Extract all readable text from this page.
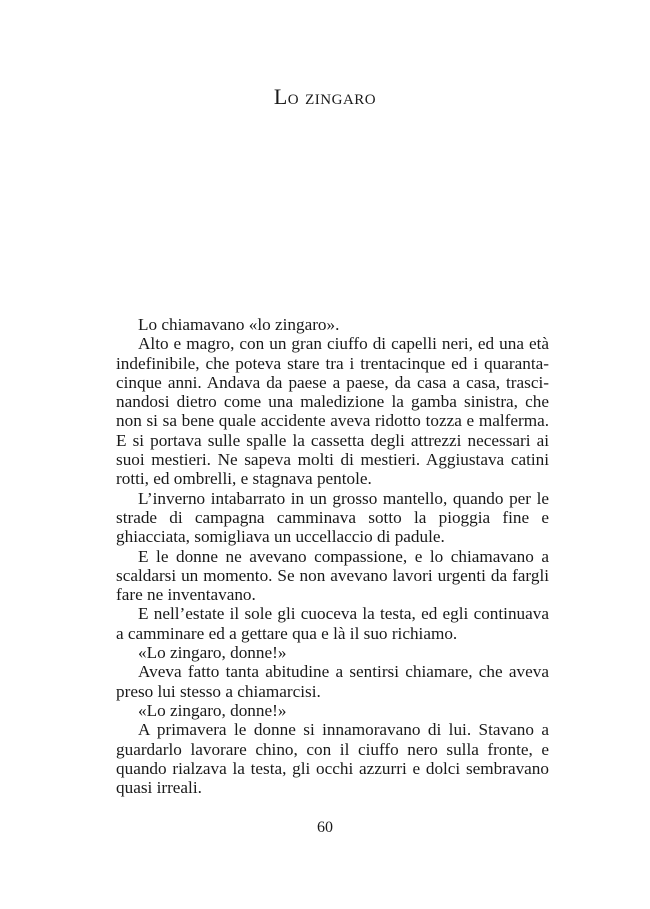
Lo zingaro

Lo chiamavano «lo zingaro».

Alto e magro, con un gran ciuffo di capelli neri, ed una età indefinibile, che poteva stare tra i trentacinque ed i quarantacinque anni. Andava da paese a paese, da casa a casa, trascinandosi dietro come una maledizione la gamba sinistra, che non si sa bene quale accidente aveva ridotto tozza e malferma. E si portava sulle spalle la cassetta degli attrezzi necessari ai suoi mestieri. Ne sapeva molti di mestieri. Aggiustava catini rotti, ed ombrelli, e stagnava pentole.

L’inverno intabarrato in un grosso mantello, quando per le strade di campagna camminava sotto la pioggia fine e ghiacciata, somigliava un uccellaccio di padule.

E le donne ne avevano compassione, e lo chiamavano a scaldarsi un momento. Se non avevano lavori urgenti da fargli fare ne inventavano.

E nell’estate il sole gli cuoceva la testa, ed egli continuava a camminare ed a gettare qua e là il suo richiamo.

«Lo zingaro, donne!»

Aveva fatto tanta abitudine a sentirsi chiamare, che aveva preso lui stesso a chiamarcisi.

«Lo zingaro, donne!»

A primavera le donne si innamoravano di lui. Stavano a guardarlo lavorare chino, con il ciuffo nero sulla fronte, e quando rialzava la testa, gli occhi azzurri e dolci sembravano quasi irreali.

60
